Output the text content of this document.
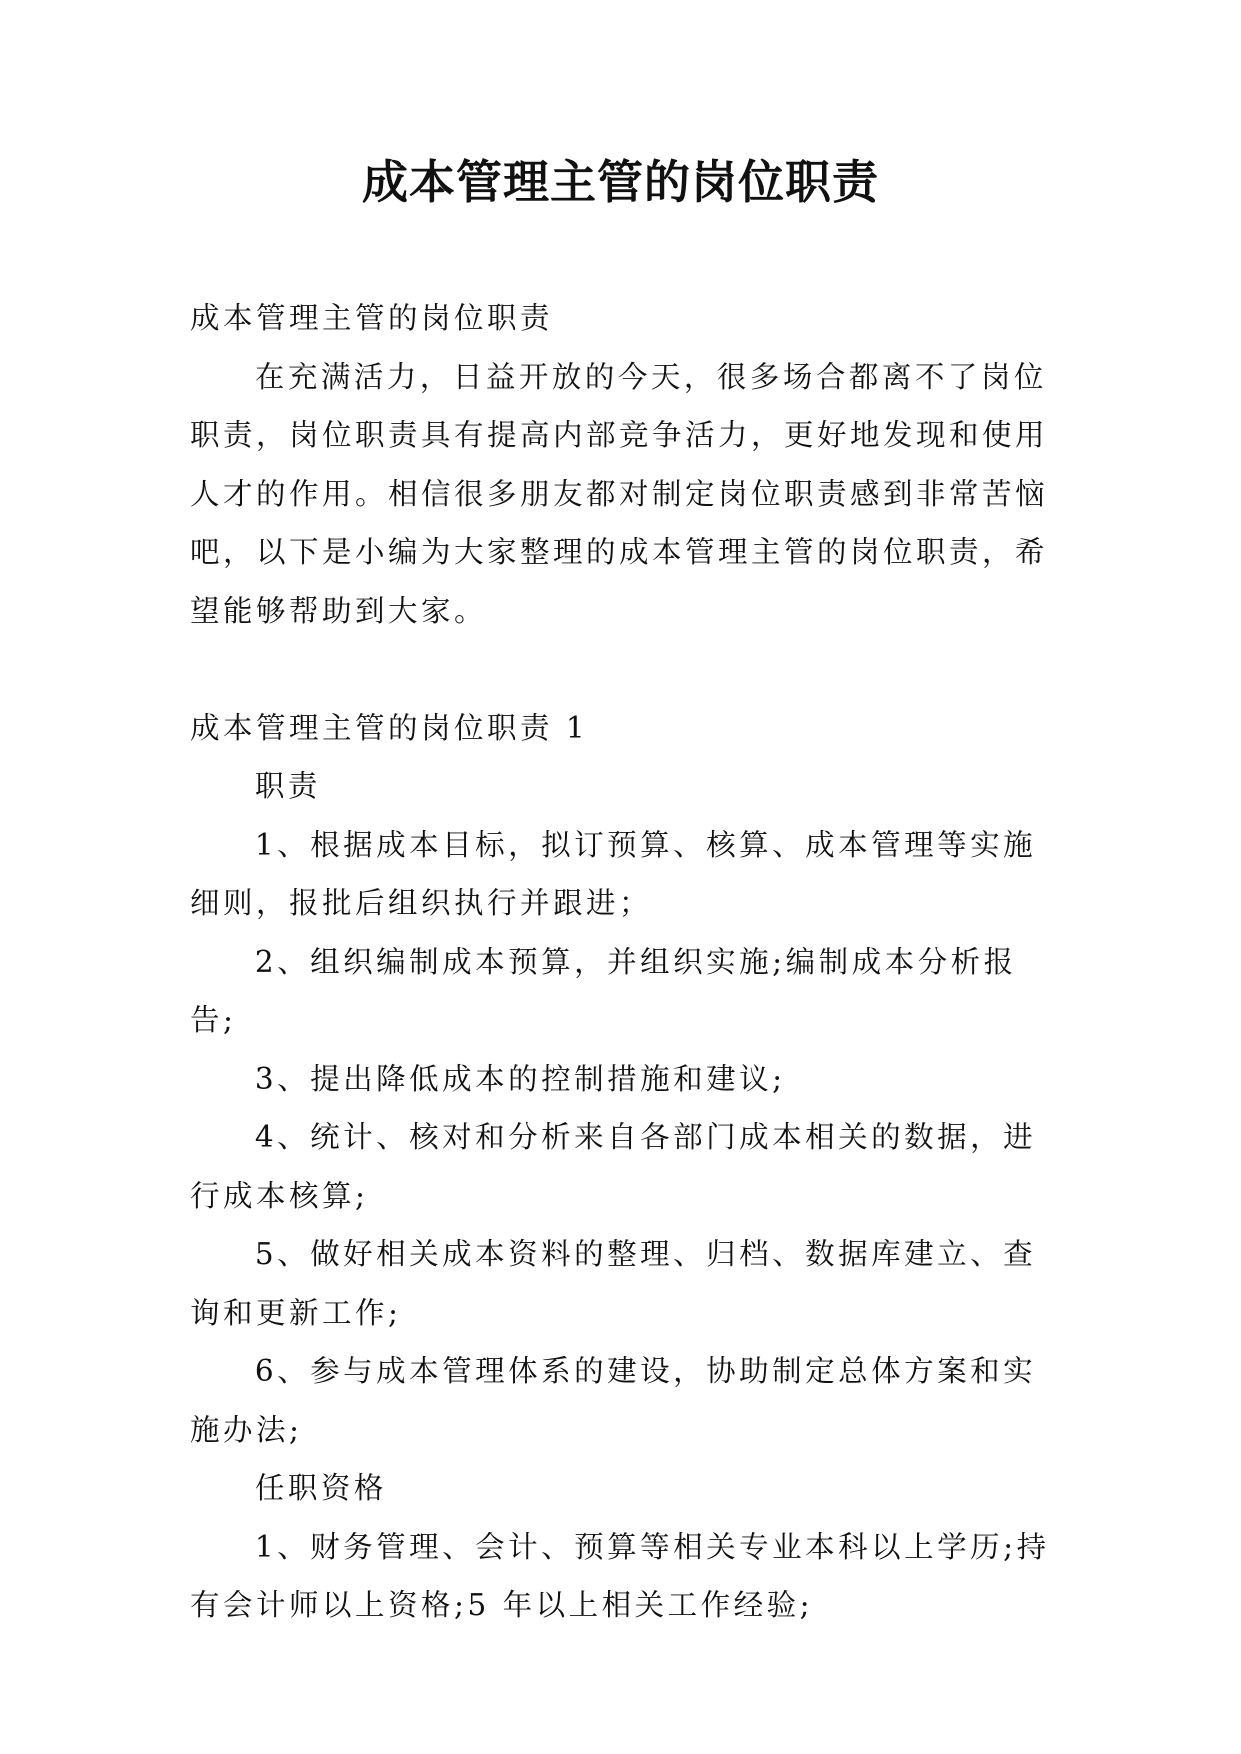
成本管理主管的岗位职责

成本管理主管的岗位职责

在充满活力，日益开放的今天，很多场合都离不了岗位职责，岗位职责具有提高内部竞争活力，更好地发现和使用人才的作用。相信很多朋友都对制定岗位职责感到非常苦恼吧，以下是小编为大家整理的成本管理主管的岗位职责，希望能够帮助到大家。

成本管理主管的岗位职责 1

职责

1、根据成本目标，拟订预算、核算、成本管理等实施细则，报批后组织执行并跟进；

2、组织编制成本预算，并组织实施;编制成本分析报告;

3、提出降低成本的控制措施和建议;

4、统计、核对和分析来自各部门成本相关的数据，进行成本核算;

5、做好相关成本资料的整理、归档、数据库建立、查询和更新工作;

6、参与成本管理体系的建设，协助制定总体方案和实施办法;

任职资格

1、财务管理、会计、预算等相关专业本科以上学历;持有会计师以上资格;5 年以上相关工作经验;
